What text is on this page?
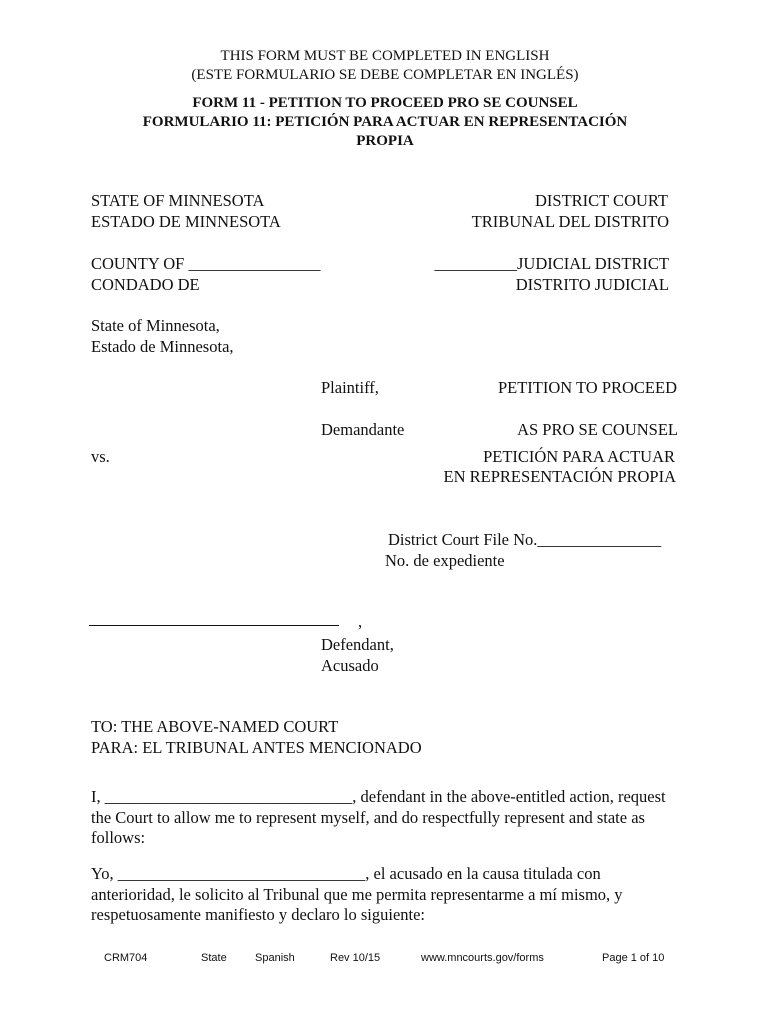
THIS FORM MUST BE COMPLETED IN ENGLISH
(ESTE FORMULARIO SE DEBE COMPLETAR EN INGLÉS)
FORM 11 - PETITION TO PROCEED PRO SE COUNSEL
FORMULARIO 11: PETICIÓN PARA ACTUAR EN REPRESENTACIÓN
PROPIA
STATE OF MINNESOTA
ESTADO DE MINNESOTA
DISTRICT COURT
TRIBUNAL DEL DISTRITO
COUNTY OF ________________
CONDADO DE
__________JUDICIAL DISTRICT
DISTRITO JUDICIAL
State of Minnesota,
Estado de Minnesota,
Plaintiff,
Demandante
vs.
PETITION TO PROCEED
AS PRO SE COUNSEL
PETICIÓN PARA ACTUAR
EN REPRESENTACIÓN PROPIA
District Court File No._______________
No. de expediente
,
Defendant,
Acusado
TO: THE ABOVE-NAMED COURT
PARA: EL TRIBUNAL ANTES MENCIONADO
I, ______________________________, defendant in the above-entitled action, request the Court to allow me to represent myself, and do respectfully represent and state as follows:
Yo, ______________________________, el acusado en la causa titulada con anterioridad, le solicito al Tribunal que me permita representarme a mí mismo, y respetuosamente manifiesto y declaro lo siguiente:
CRM704	State	Spanish	Rev 10/15	www.mncourts.gov/forms	Page 1 of 10
